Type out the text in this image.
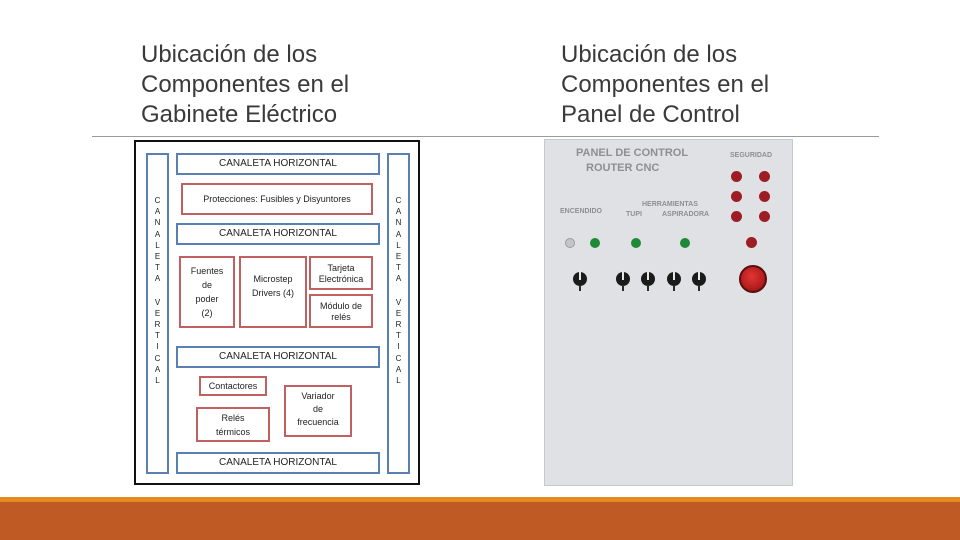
Ubicación de los
Componentes en el
Gabinete Eléctrico
Ubicación de los
Componentes en el
Panel de Control
C
A
N
A
L
E
T
A
V
E
R
T
I
C
A
L
C
A
N
A
L
E
T
A
V
E
R
T
I
C
A
L
CANALETA HORIZONTAL
Protecciones: Fusibles y Disyuntores
CANALETA HORIZONTAL
Fuentes
de
poder
(2)
Microstep
Drivers (4)
Tarjeta
Electrónica
Módulo de
relés
CANALETA HORIZONTAL
Contactores
Relés
térmicos
Variador
de
frecuencia
CANALETA HORIZONTAL
PANEL DE CONTROL
ROUTER CNC
SEGURIDAD
HERRAMIENTAS
ENCENDIDO	TUPI	ASPIRADORA
